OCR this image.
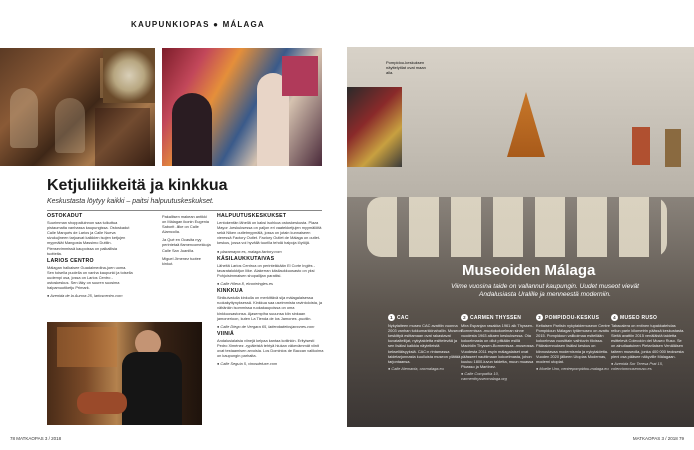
KAUPUNKIOPAS ● MÁLAGA
Ketjuliikkeitä ja kinkkua
Keskustasta löytyy kaikki – paitsi halpuutuskeskukset.
OSTOKADUT

Suurimman shoppailuinnon saa tuikuttua pistaumalta vanhassa kaupungissa. Ostoskadut Calle Marqués de Larios ja Calle Nueva sivukujineen tarjoavat kaikkien isojen ketjujen myymälät Mangosta Massimo Duttiin. Piensevimmissä kaupoissa on paikallisia tuotteita.

LARIOS CENTRO

Málagan halkaisee Guadalmedina-joen uoma. Sen toisella puolella on vanha kaupunki ja toisella uudempi osa, jossa on Larios Centro -ostoskeskus. Sen läky on suuren suosima halpamuotiketju Primark.

● Avenida de la Aurora 25, larioscentro.com

Pakallisen makean antikki on Málagan ikonin Eugenia Saborit -liike on Calle Alamcolla.

Ja Qué en Ocasita nyy perintetaä flamencomekkoja Calle San Juanilla.

Miguel Jimenez tuotee kinkut.

HALPUUTUSKESKUKSET

Lentokentän lähellä on kaksi isohkoa ostoskeskusta. Plaza Mayor -keskuksessa on paljon eri vaatekketjujen myymälöitä sekä Niken outletmyymälä, jossa on jotain kunnaiseen vieressä Factory Outlet. Factory Outlet de Málaga on outlet-keskus, jossa voi hyvällä tuurilla tehdä halpoja löytöjä.

● plazamayor.es, malaga-factory.com

KÄSILAUKKUTAIVAS

Läheltä Larios Centroa on perinteikkään El Corte Inglés -tavaratalokktjun liike. Alakerran käsilaukkuosasto on yksi Pohjoisimmaisen shopailijan paratiisi.

● Calle Hilera 8, elcorteingles.es

KINKKUA

Sinikuivatulla kinkulla on merkittävä sija málagalaisessa ruokakyttynyksessä. Kinkkua saa useimmista ravintoloista, ja vähänkin isommissa ruokakaupoissa on oma kinkkuosastonsa. Ajasempiha suuunsa kiin sinkaan jamonerioon, kuten La Tienda de los Jamones -puotiin.

● Calle Diego de Vergara 65, latiendadelosjamones.com

VIINIÄ

Andalusialaisia viinejä kelpaa kantaa kotiinkin. Erityisesti Pedro Ximénez -rypäleistä tehtyä hiukan väkevämmät viinit ovat testaamisen arvoisia. Los Dominios de Baccan valikoima on kaupungin parhaita.

● Calle Seguía 5, vinosdeluxe.com

78 MATKAOPAS 3 / 2018
Pompidou-keskuksen näyttelytilat ovat maan alla.
Museoiden Málaga
Viime vuosina taide on vallannut kaupungin. Uudet museot vievät Andalusiasta Uralille ja menneestä moderniin.
1 CAC
Nykytaiteen museo CAC avattiin vuonna 2003 vanhan tukkumarkkinahallin. Museon keskittyä esittamaan ovat rakastavat kuvataiteilijat, nykytaidetta esittelevää ja sen lisäksi kaikkia näytelleistä kekseliäisyyksiä. CAC:n rintamassa taidetarjonnasta kuulluista museon yllätää tarjontaansa.
● Calle Alemania, cacmalaga.eu
2 CARMEN THYSSEN
Mira Espanjan rasakka 1961 alk Thyssen-Bornemisza -muotokokoelman sinne vuodesta 1963 alkaen keskuksessa. Ota kokoelmasta on ollut pitkään esillä Madridin Thyssen-Bornemisza -museossa. Vuodesta 2011 esyin málagalaiset ovat päässeet nauttimaan kokoelmasta, johon kuuluu 1800-luvun taidetta, muun muassa Picasso ja Martínez.
● Calle Compañía 10, carmenthyssenmalaga.org
3 POMPIDOU-KESKUS
Keltaisen Pariisin nykytaidemuseon Centre Pompidoun Málagan tytärmuseo on avattu 2015. Pompidoun valikoimaa esitellään kokoelmaa vuosittain vaihtuvin tiloissa. Päärakennuksen lisäksi keskus on kiinnostavaa modernismia ja nykytaidetta. Vuoden 2020 jälkeen Utopias Modernas, moderni utopiat.
● Muelle Uno, centrepompidou-malaga.eu
4 MUSEO RUSO
Tabacalera on entinen tupakkatehdas reilun parin kilometrin päässä keskustasta. Sieltä avattiin 2015 venäläistä taidetta esittelevä Colección del Museo Ruso. Se on ainutlaatuinen Pietarilaisen Venäläisen taiteen museolla, jonka 400 000 teoksesta pieni osa pääsee näkyville Málagaan.
● Avenida Sor Teresa Prat 15, coleccionmuseoruso.es
MATKAOPAS 3 / 2018 79
